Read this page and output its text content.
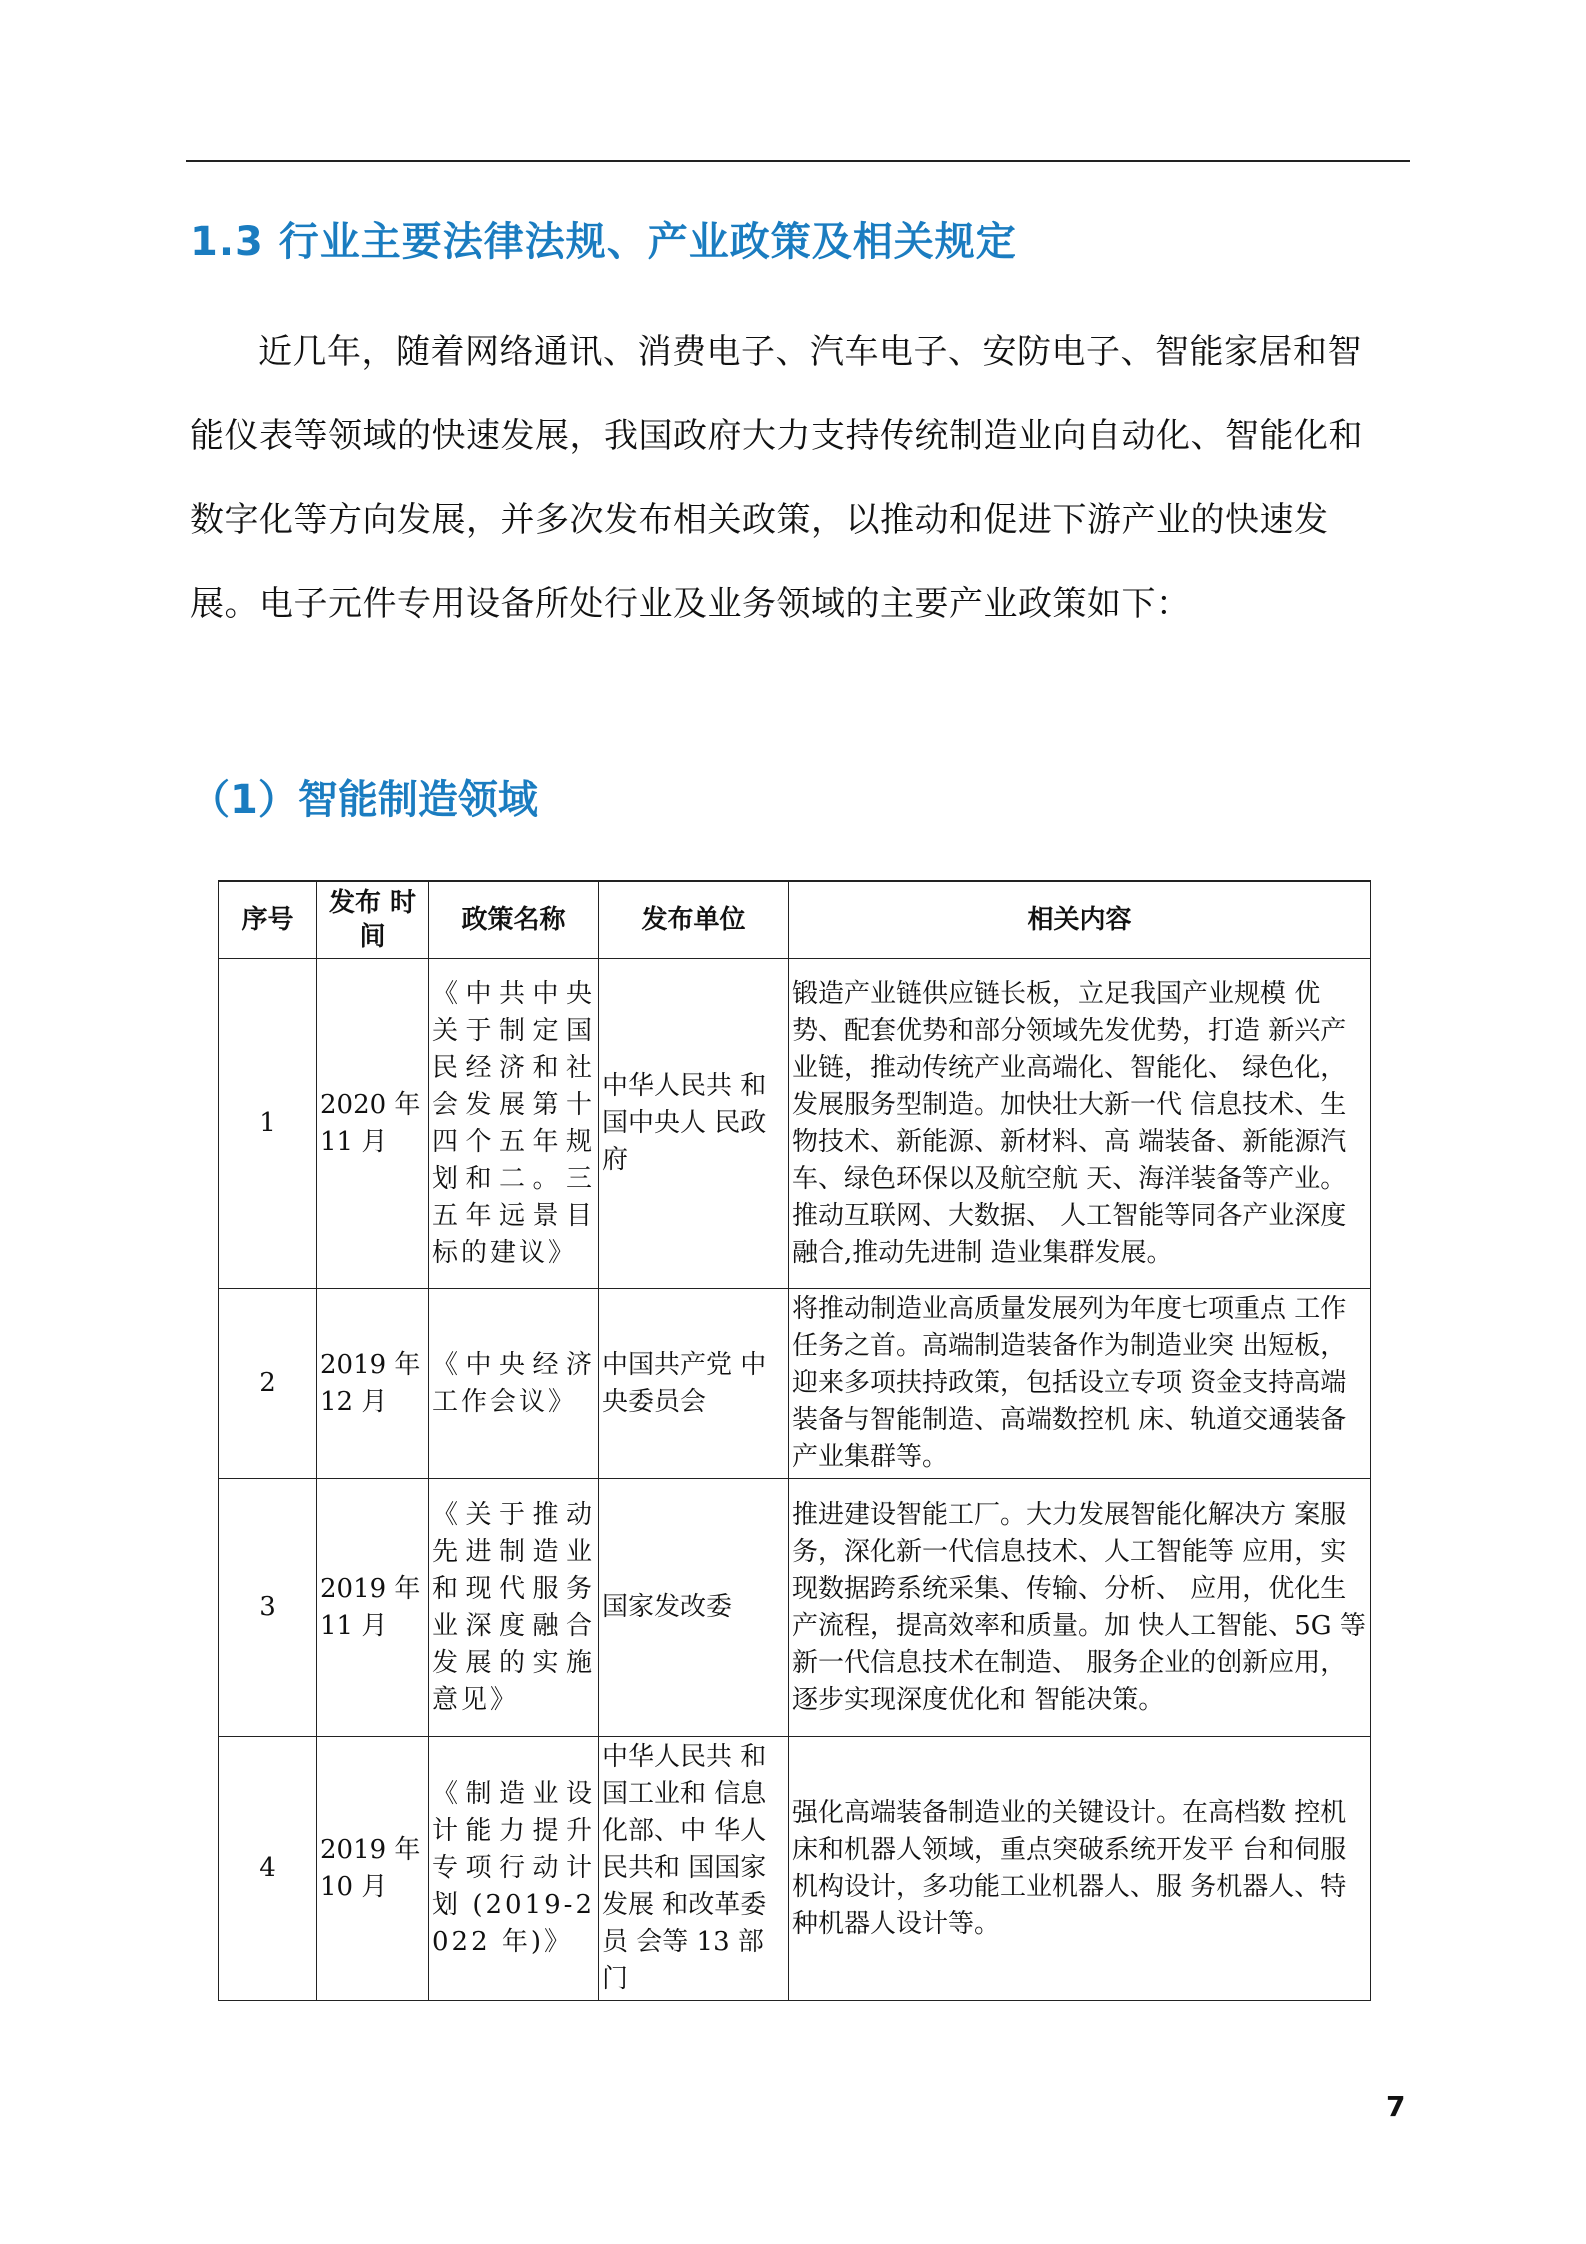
1.3 行业主要法律法规、产业政策及相关规定

近几年，随着网络通讯、消费电子、汽车电子、安防电子、智能家居和智能仪表等领域的快速发展，我国政府大力支持传统制造业向自动化、智能化和数字化等方向发展，并多次发布相关政策，以推动和促进下游产业的快速发展。电子元件专用设备所处行业及业务领域的主要产业政策如下：

（1）智能制造领域
序号	发布 时间	政策名称	发布单位	相关内容
1	2020 年 11 月	《中共中央关于制定国民经济和社会发展第十四个五年规划和二。三五年远景目标的建议》	中华人民共 和国中央人 民政府	锻造产业链供应链长板，立足我国产业规模 优势、配套优势和部分领域先发优势，打造 新兴产业链，推动传统产业高端化、智能化、 绿色化，发展服务型制造。加快壮大新一代 信息技术、生物技术、新能源、新材料、高 端装备、新能源汽车、绿色环保以及航空航 天、海洋装备等产业。推动互联网、大数据、 人工智能等同各产业深度融合,推动先进制 造业集群发展。
2	2019 年 12 月	《中央经济工作会议》	中国共产党 中央委员会	将推动制造业高质量发展列为年度七项重点 工作任务之首。高端制造装备作为制造业突 出短板，迎来多项扶持政策，包括设立专项 资金支持高端装备与智能制造、高端数控机 床、轨道交通装备产业集群等。
3	2019 年 11 月	《关于推动先进制造业和现代服务业深度融合发展的实施意见》	国家发改委	推进建设智能工厂。大力发展智能化解决方 案服务，深化新一代信息技术、人工智能等 应用，实现数据跨系统采集、传输、分析、 应用，优化生产流程，提高效率和质量。加 快人工智能、5G 等新一代信息技术在制造、 服务企业的创新应用，逐步实现深度优化和 智能决策。
4	2019 年 10 月	《制造业设计能力提升专项行动计划 (2019-2022 年)》	中华人民共 和国工业和 信息化部、中 华人民共和 国国家发展 和改革委员 会等 13 部门	强化高端装备制造业的关键设计。在高档数 控机床和机器人领域，重点突破系统开发平 台和伺服机构设计，多功能工业机器人、服 务机器人、特种机器人设计等。
7
